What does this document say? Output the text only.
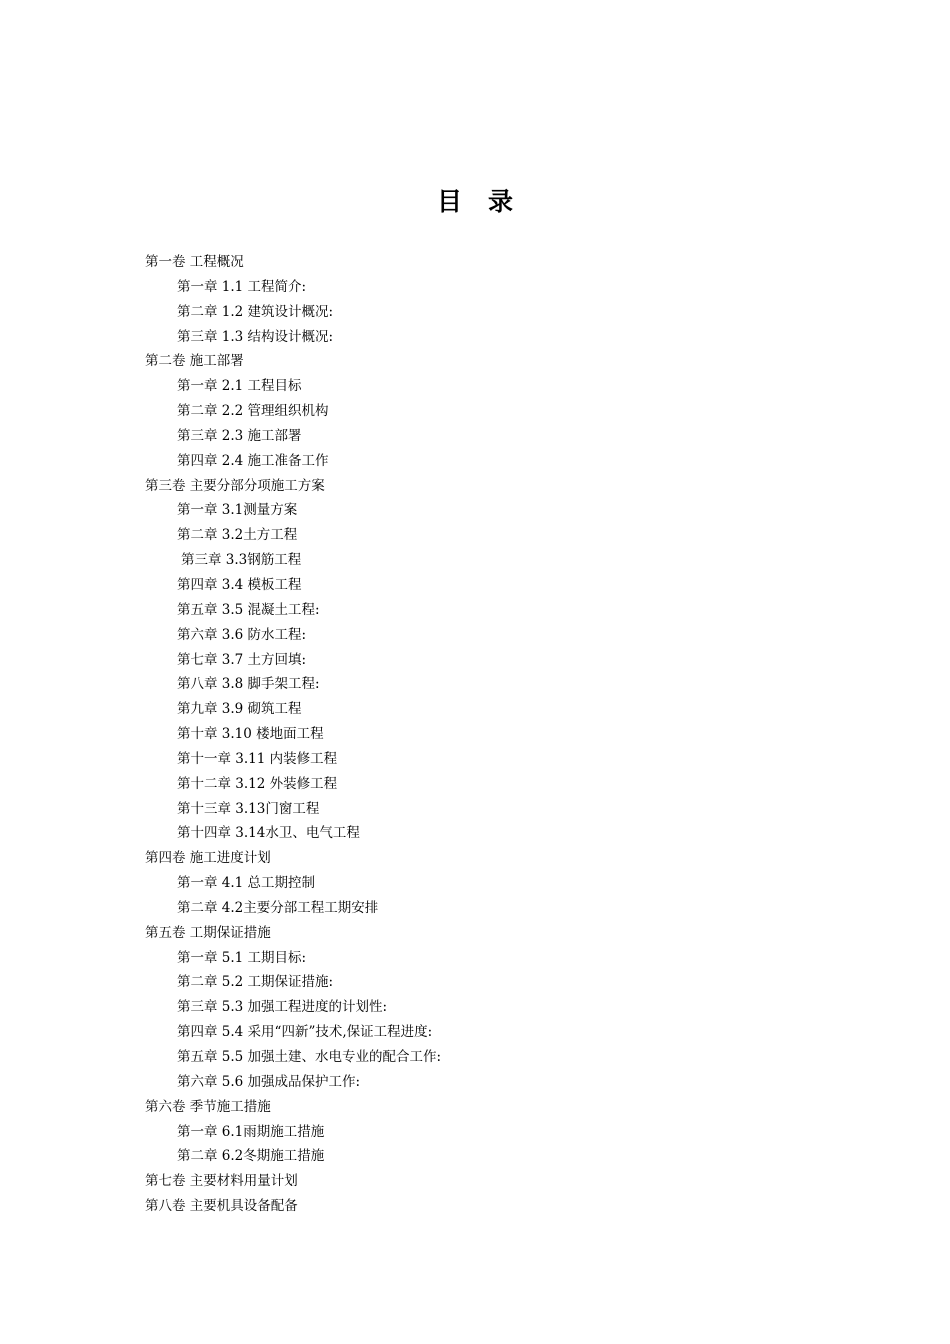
目   录
第一卷 工程概况
第一章 1.1 工程简介:
第二章 1.2 建筑设计概况:
第三章 1.3 结构设计概况:
第二卷 施工部署
第一章 2.1 工程目标
第二章 2.2 管理组织机构
第三章 2.3 施工部署
第四章 2.4 施工准备工作
第三卷 主要分部分项施工方案
第一章 3.1测量方案
第二章 3.2土方工程
第三章 3.3钢筋工程
第四章 3.4 模板工程
第五章 3.5 混凝土工程:
第六章 3.6 防水工程:
第七章 3.7 土方回填:
第八章 3.8 脚手架工程:
第九章 3.9 砌筑工程
第十章 3.10 楼地面工程
第十一章 3.11 内装修工程
第十二章 3.12 外装修工程
第十三章 3.13门窗工程
第十四章 3.14水卫、电气工程
第四卷 施工进度计划
第一章 4.1 总工期控制
第二章 4.2主要分部工程工期安排
第五卷 工期保证措施
第一章 5.1 工期目标:
第二章 5.2 工期保证措施:
第三章 5.3 加强工程进度的计划性:
第四章 5.4 采用“四新”技术,保证工程进度:
第五章 5.5 加强土建、水电专业的配合工作:
第六章 5.6 加强成品保护工作:
第六卷 季节施工措施
第一章 6.1雨期施工措施
第二章 6.2冬期施工措施
第七卷 主要材料用量计划
第八卷 主要机具设备配备
